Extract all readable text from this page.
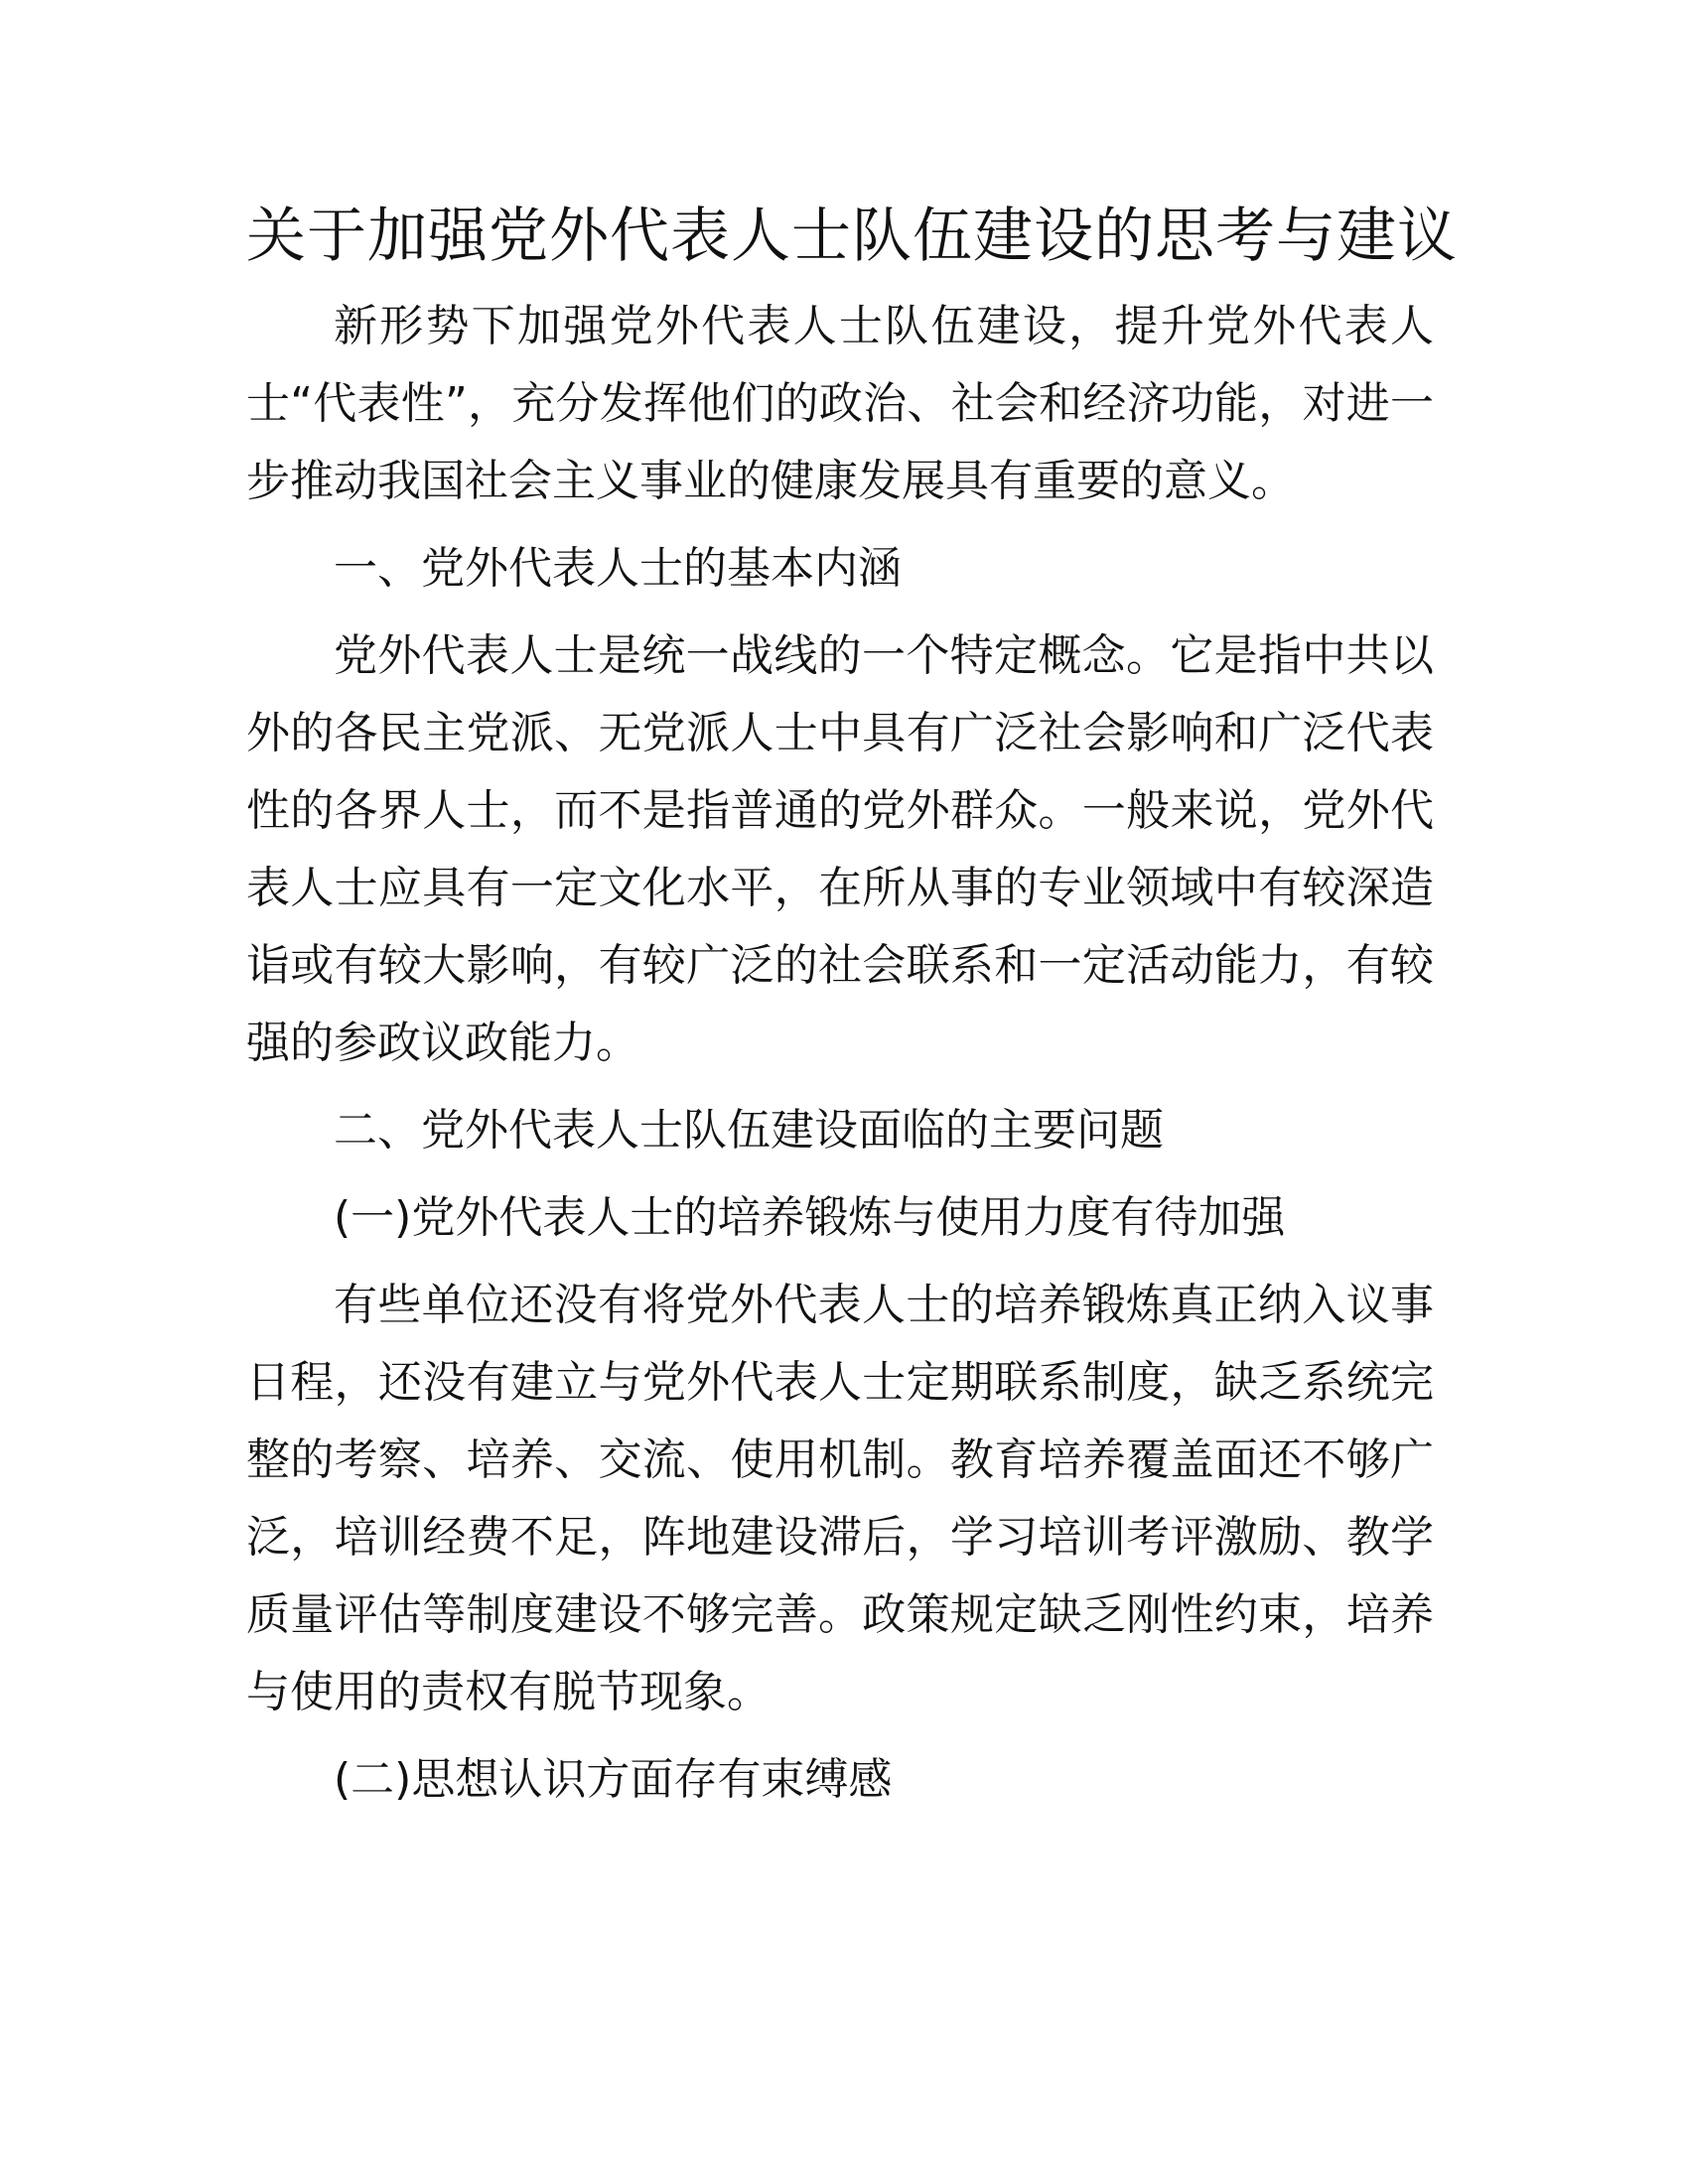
关于加强党外代表人士队伍建设的思考与建议

新形势下加强党外代表人士队伍建设，提升党外代表人士“代表性”，充分发挥他们的政治、社会和经济功能，对进一步推动我国社会主义事业的健康发展具有重要的意义。

一、党外代表人士的基本内涵

党外代表人士是统一战线的一个特定概念。它是指中共以外的各民主党派、无党派人士中具有广泛社会影响和广泛代表性的各界人士，而不是指普通的党外群众。一般来说，党外代表人士应具有一定文化水平，在所从事的专业领域中有较深造诣或有较大影响，有较广泛的社会联系和一定活动能力，有较强的参政议政能力。

二、党外代表人士队伍建设面临的主要问题

(一)党外代表人士的培养锻炼与使用力度有待加强

有些单位还没有将党外代表人士的培养锻炼真正纳入议事日程，还没有建立与党外代表人士定期联系制度，缺乏系统完整的考察、培养、交流、使用机制。教育培养覆盖面还不够广泛，培训经费不足，阵地建设滞后，学习培训考评激励、教学质量评估等制度建设不够完善。政策规定缺乏刚性约束，培养与使用的责权有脱节现象。

(二)思想认识方面存有束缚感
